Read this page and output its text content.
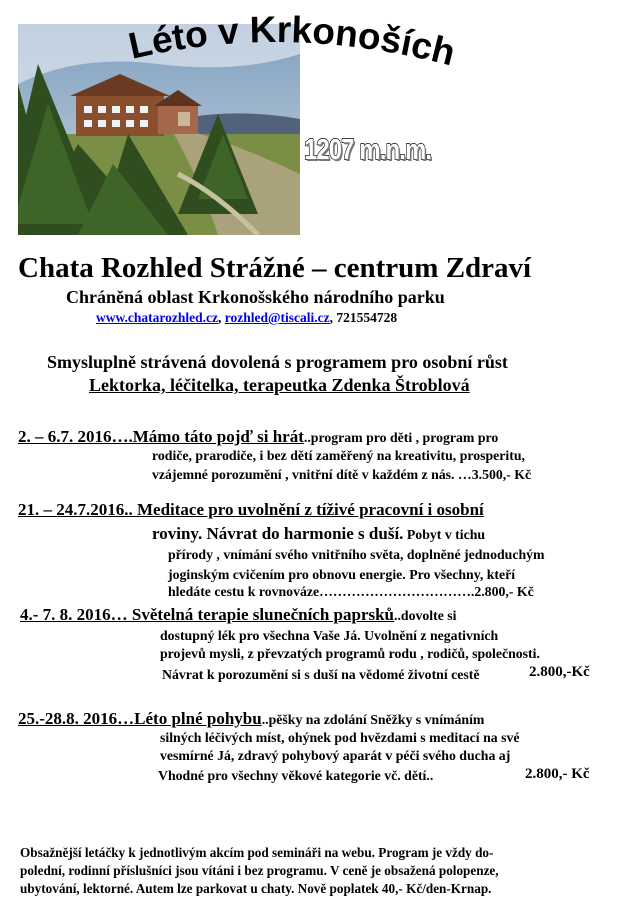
Léto v Krkonoších
1207 m.n.m.
Chata Rozhled Strážné – centrum Zdraví
Chráněná oblast Krkonošského národního parku
www.chatarozhled.cz, rozhled@tiscali.cz, 721554728
Smysluplně strávená dovolená s programem pro osobní růst
Lektorka, léčitelka, terapeutka Zdenka Štroblová
2. – 6.7. 2016….Mámo táto pojď si hrát..program pro děti , program pro
rodiče, prarodiče, i bez dětí zaměřený na kreativitu, prosperitu,
vzájemné porozumění , vnitřní dítě v každém z nás. …3.500,- Kč
21. – 24.7.2016.. Meditace pro uvolnění z tíživé pracovní i osobní
roviny. Návrat do harmonie s duší. Pobyt v tichu
přírody , vnímání svého vnitřního světa, doplněné jednoduchým
joginským cvičením pro obnovu energie. Pro všechny, kteří
hledáte cestu k rovnováze…………………………….2.800,- Kč
4.- 7. 8. 2016… Světelná terapie slunečních paprsků..dovolte si
dostupný lék pro všechna Vaše Já. Uvolnění z negativních
projevů mysli, z převzatých programů rodu , rodičů, společnosti.
Návrat k porozumění si s duší na vědomé životní cestě	2.800,-Kč
25.-28.8. 2016…Léto plné pohybu..pěšky na zdolání Sněžky s vnímáním
silných léčivých míst, ohýnek pod hvězdami s meditací na své
vesmírné Já, zdravý pohybový aparát v péči svého ducha aj
Vhodné pro všechny věkové kategorie vč. dětí..	2.800,- Kč
Obsažnější letáčky k jednotlivým akcím pod semináři na webu. Program je vždy do-
polední, rodinní příslušníci jsou vítáni i bez programu. V ceně je obsažená polopenze,
ubytování, lektorné. Autem lze parkovat u chaty. Nově poplatek 40,- Kč/den-Krnap.
